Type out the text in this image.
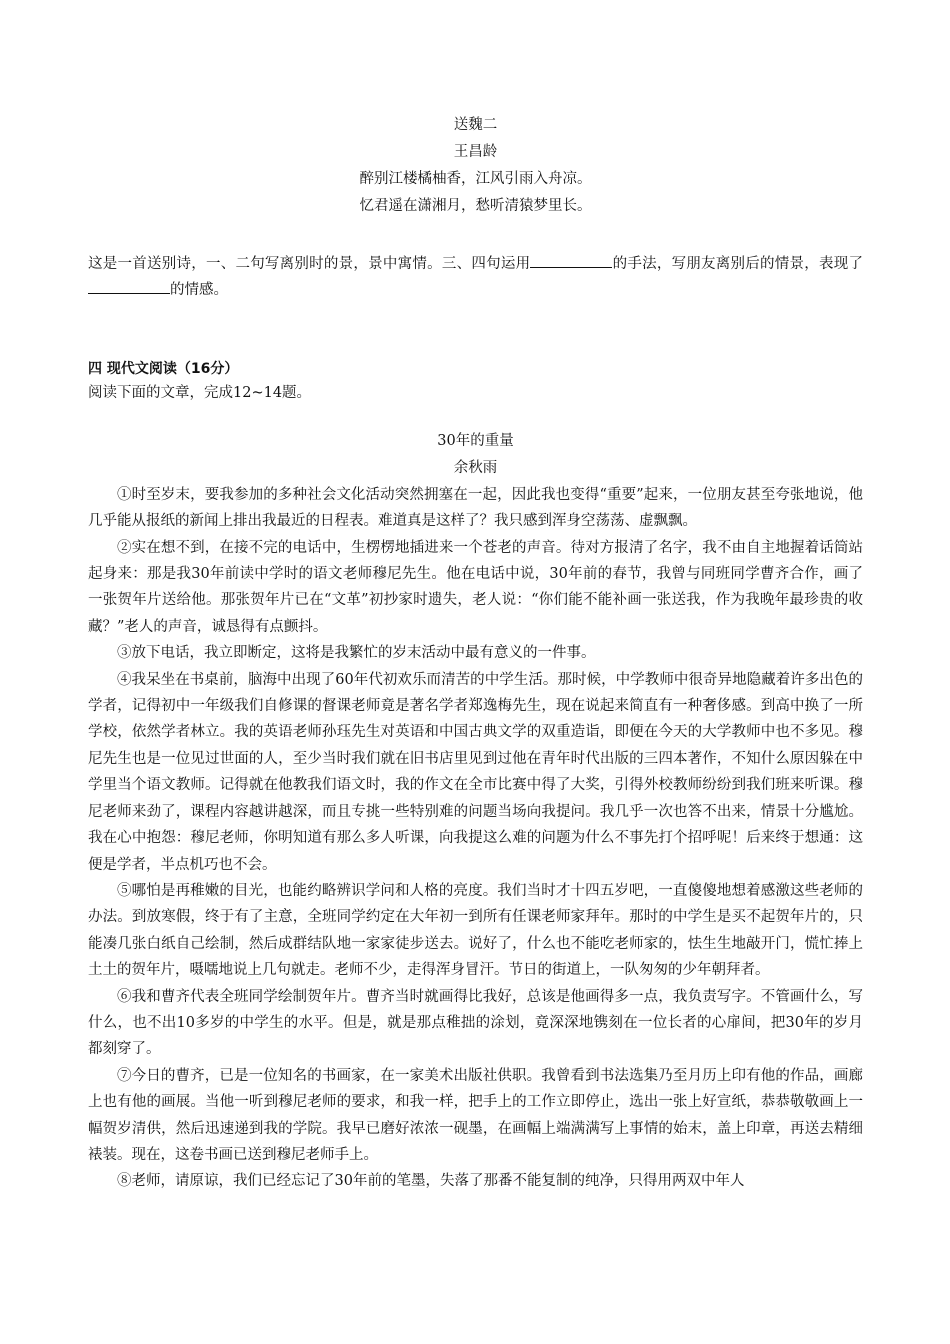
送魏二
王昌龄
醉别江楼橘柚香，江风引雨入舟凉。
忆君遥在潇湘月，愁听清猿梦里长。

这是一首送别诗，一、二句写离别时的景，景中寓情。三、四句运用	的手法，写朋友离别后的情景，表现了的情感。

四 现代文阅读（16分）
阅读下面的文章，完成12~14题。
30年的重量
余秋雨

①时至岁末，要我参加的多种社会文化活动突然拥塞在一起，因此我也变得“重要”起来，一位朋友甚至夸张地说，他几乎能从报纸的新闻上排出我最近的日程表。难道真是这样了？我只感到浑身空荡荡、虚飘飘。

②实在想不到，在接不完的电话中，生楞楞地插进来一个苍老的声音。待对方报清了名字，我不由自主地握着话筒站起身来：那是我30年前读中学时的语文老师穆尼先生。他在电话中说，30年前的春节，我曾与同班同学曹齐合作，画了一张贺年片送给他。那张贺年片已在“文革”初抄家时遗失，老人说：“你们能不能补画一张送我，作为我晚年最珍贵的收藏？”老人的声音，诚恳得有点颤抖。

③放下电话，我立即断定，这将是我繁忙的岁末活动中最有意义的一件事。

④我呆坐在书桌前，脑海中出现了60年代初欢乐而清苦的中学生活。那时候，中学教师中很奇异地隐藏着许多出色的学者，记得初中一年级我们自修课的督课老师竟是著名学者郑逸梅先生，现在说起来简直有一种奢侈感。到高中换了一所学校，依然学者林立。我的英语老师孙珏先生对英语和中国古典文学的双重造诣，即便在今天的大学教师中也不多见。穆尼先生也是一位见过世面的人，至少当时我们就在旧书店里见到过他在青年时代出版的三四本著作，不知什么原因躲在中学里当个语文教师。记得就在他教我们语文时，我的作文在全市比赛中得了大奖，引得外校教师纷纷到我们班来听课。穆尼老师来劲了，课程内容越讲越深，而且专挑一些特别难的问题当场向我提问。我几乎一次也答不出来，情景十分尴尬。我在心中抱怨：穆尼老师，你明知道有那么多人听课，向我提这么难的问题为什么不事先打个招呼呢！后来终于想通：这便是学者，半点机巧也不会。

⑤哪怕是再稚嫩的目光，也能约略辨识学问和人格的亮度。我们当时才十四五岁吧，一直傻傻地想着感激这些老师的办法。到放寒假，终于有了主意，全班同学约定在大年初一到所有任课老师家拜年。那时的中学生是买不起贺年片的，只能凑几张白纸自己绘制，然后成群结队地一家家徒步送去。说好了，什么也不能吃老师家的，怯生生地敲开门，慌忙捧上土土的贺年片，嗫嚅地说上几句就走。老师不少，走得浑身冒汗。节日的街道上，一队匆匆的少年朝拜者。

⑥我和曹齐代表全班同学绘制贺年片。曹齐当时就画得比我好，总该是他画得多一点，我负责写字。不管画什么，写什么，也不出10多岁的中学生的水平。但是，就是那点稚拙的涂划，竟深深地镌刻在一位长者的心扉间，把30年的岁月都刻穿了。

⑦今日的曹齐，已是一位知名的书画家，在一家美术出版社供职。我曾看到书法选集乃至月历上印有他的作品，画廊上也有他的画展。当他一听到穆尼老师的要求，和我一样，把手上的工作立即停止，选出一张上好宣纸，恭恭敬敬画上一幅贺岁清供，然后迅速递到我的学院。我早已磨好浓浓一砚墨，在画幅上端满满写上事情的始末，盖上印章，再送去精细裱装。现在，这卷书画已送到穆尼老师手上。

⑧老师，请原谅，我们已经忘记了30年前的笔墨，失落了那番不能复制的纯净，只得用两双中年人
